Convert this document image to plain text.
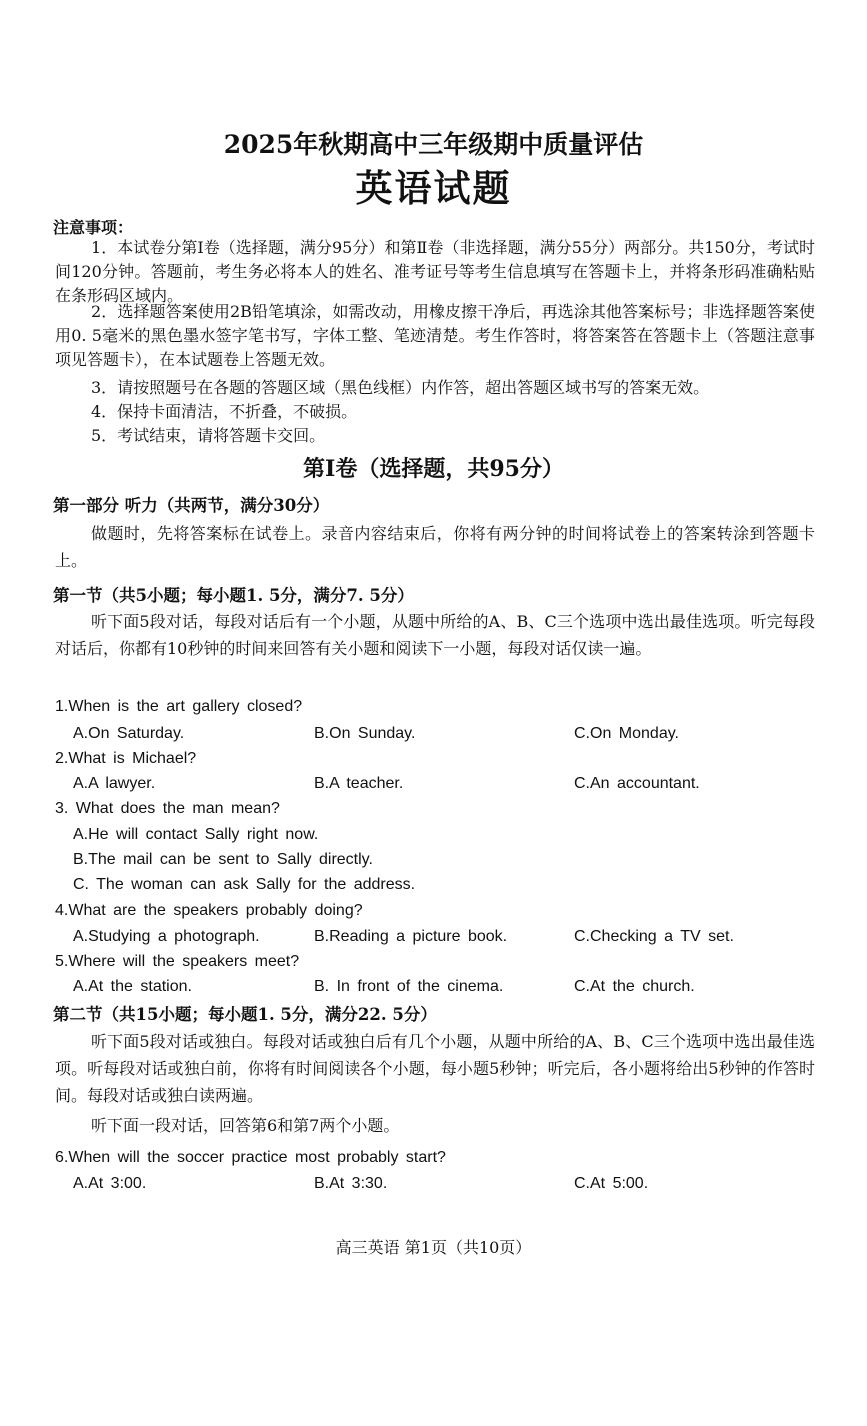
2025年秋期高中三年级期中质量评估
英语试题
注意事项：
1．本试卷分第Ⅰ卷（选择题，满分95分）和第Ⅱ卷（非选择题，满分55分）两部分。共150分，考试时间120分钟。答题前，考生务必将本人的姓名、准考证号等考生信息填写在答题卡上，并将条形码准确粘贴在条形码区域内。
2．选择题答案使用2B铅笔填涂，如需改动，用橡皮擦干净后，再选涂其他答案标号；非选择题答案使用0. 5毫米的黑色墨水签字笔书写，字体工整、笔迹清楚。考生作答时，将答案答在答题卡上（答题注意事项见答题卡），在本试题卷上答题无效。
3．请按照题号在各题的答题区域（黑色线框）内作答，超出答题区域书写的答案无效。
4．保持卡面清洁，不折叠，不破损。
5．考试结束，请将答题卡交回。
第Ⅰ卷（选择题，共95分）
第一部分 听力（共两节，满分30分）
做题时，先将答案标在试卷上。录音内容结束后，你将有两分钟的时间将试卷上的答案转涂到答题卡上。
第一节（共5小题；每小题1. 5分，满分7. 5分）
听下面5段对话，每段对话后有一个小题，从题中所给的A、B、C三个选项中选出最佳选项。听完每段对话后，你都有10秒钟的时间来回答有关小题和阅读下一小题，每段对话仅读一遍。
1.When is the art gallery closed?
A.On Saturday.	B.On Sunday.	C.On Monday.
2.What is Michael?
A.A lawyer.	B.A teacher.	C.An accountant.
3. What does the man mean?
A.He will contact Sally right now.
B.The mail can be sent to Sally directly.
C. The woman can ask Sally for the address.
4.What are the speakers probably doing?
A.Studying a photograph.	B.Reading a picture book.	C.Checking a TV set.
5.Where will the speakers meet?
A.At the station.	B. In front of the cinema.	C.At the church.
第二节（共15小题；每小题1. 5分，满分22. 5分）
听下面5段对话或独白。每段对话或独白后有几个小题，从题中所给的A、B、C三个选项中选出最佳选项。听每段对话或独白前，你将有时间阅读各个小题，每小题5秒钟；听完后，各小题将给出5秒钟的作答时间。每段对话或独白读两遍。
听下面一段对话，回答第6和第7两个小题。
6.When will the soccer practice most probably start?
A.At 3:00.	B.At 3:30.	C.At 5:00.
高三英语 第1页（共10页）
